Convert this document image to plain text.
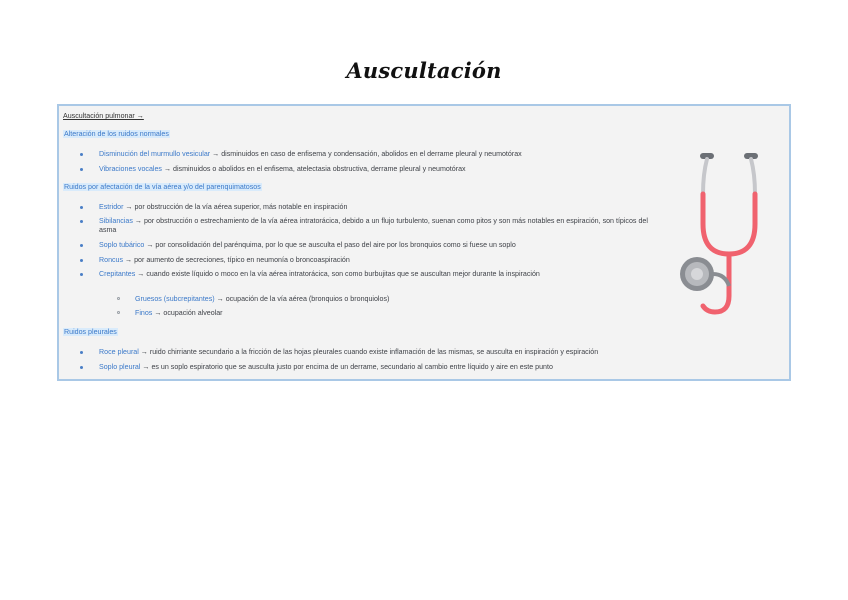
Auscultación
Auscultación pulmonar →
Alteración de los ruidos normales
Disminución del murmullo vesicular → disminuidos en caso de enfisema y condensación, abolidos en el derrame pleural y neumotórax
Vibraciones vocales → disminuidos o abolidos en el enfisema, atelectasia obstructiva, derrame pleural y neumotórax
Ruidos por afectación de la vía aérea y/o del parenquimatosos
Estridor → por obstrucción de la vía aérea superior, más notable en inspiración
Sibilancias → por obstrucción o estrechamiento de la vía aérea intratorácica, debido a un flujo turbulento, suenan como pitos y son más notables en espiración, son típicos del asma
Soplo tubárico → por consolidación del parénquima, por lo que se ausculta el paso del aire por los bronquios como si fuese un soplo
Roncus → por aumento de secreciones, típico en neumonía o broncoaspiración
Crepitantes → cuando existe líquido o moco en la vía aérea intratorácica, son como burbujitas que se auscultan mejor durante la inspiración
Gruesos (subcrepitantes) → ocupación de la vía aérea (bronquios o bronquiolos)
Finos → ocupación alveolar
Ruidos pleurales
Roce pleural → ruido chirriante secundario a la fricción de las hojas pleurales cuando existe inflamación de las mismas, se ausculta en inspiración y espiración
Soplo pleural → es un soplo espiratorio que se ausculta justo por encima de un derrame, secundario al cambio entre líquido y aire en este punto
